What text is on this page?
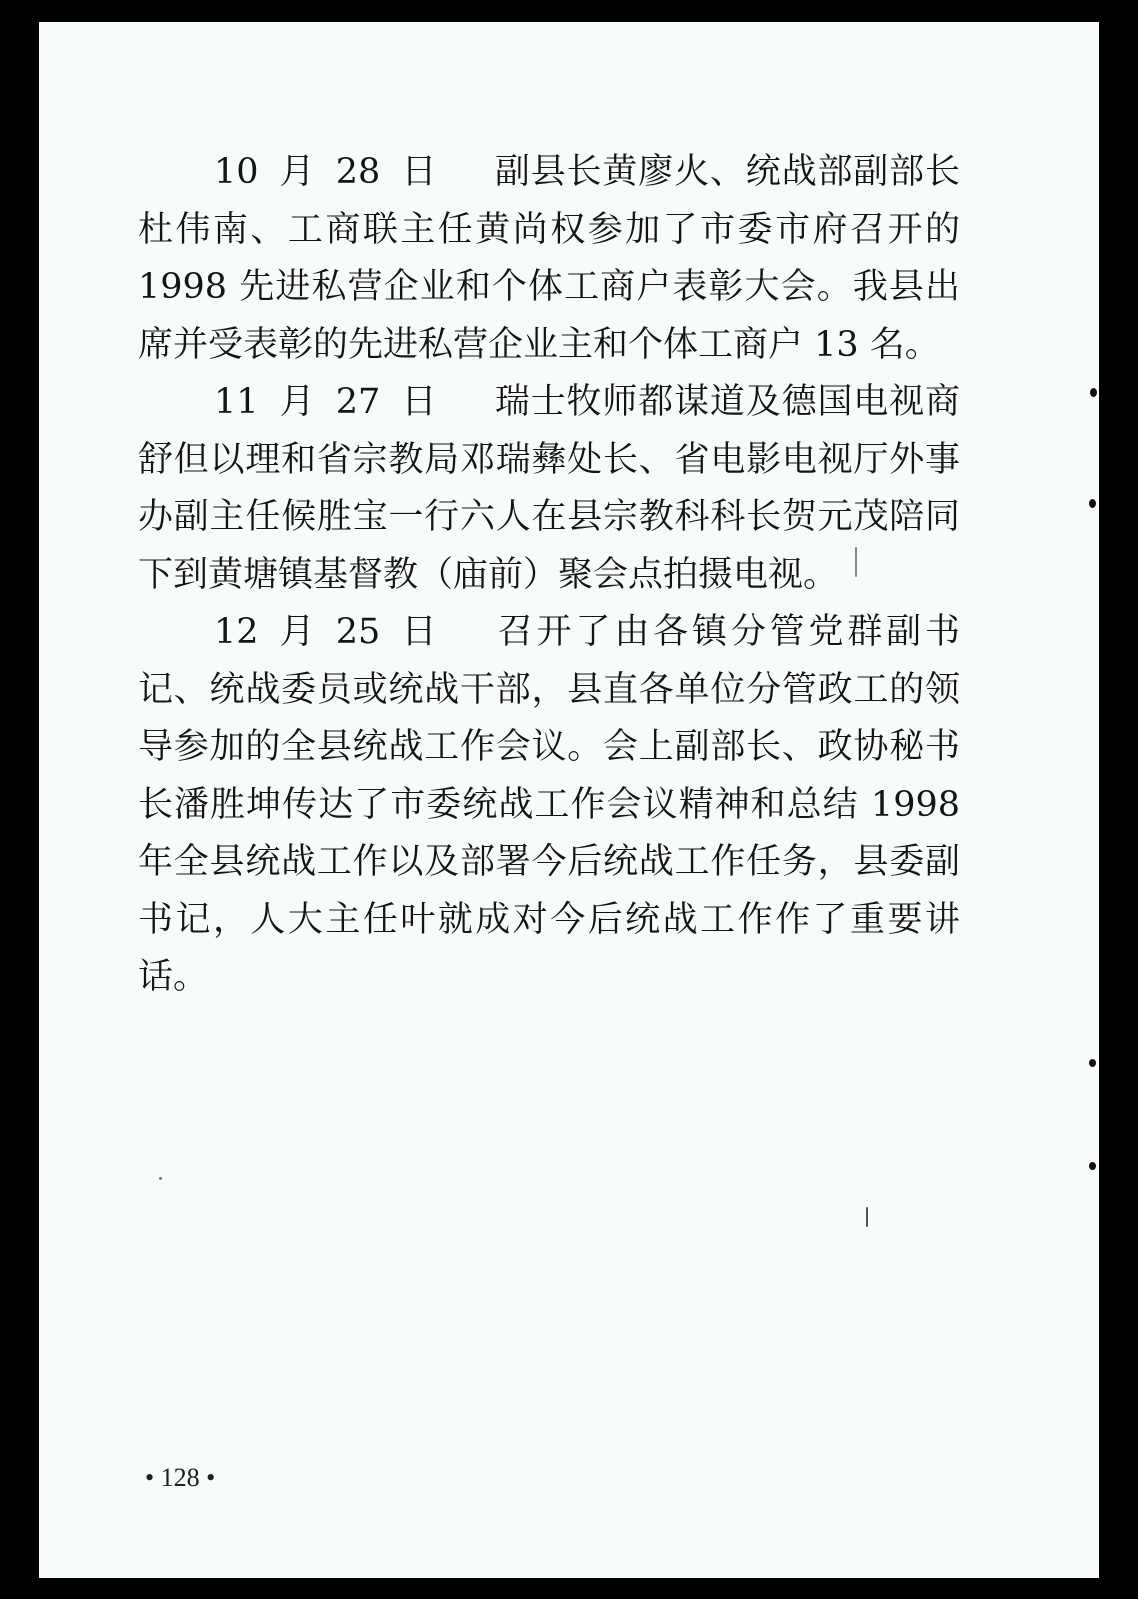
10 月 28 日 副县长黄廖火、统战部副部长杜伟南、工商联主任黄尚权参加了市委市府召开的 1998 先进私营企业和个体工商户表彰大会。我县出席并受表彰的先进私营企业主和个体工商户 13 名。

11 月 27 日 瑞士牧师都谋道及德国电视商舒但以理和省宗教局邓瑞彝处长、省电影电视厅外事办副主任候胜宝一行六人在县宗教科科长贺元茂陪同下到黄塘镇基督教（庙前）聚会点拍摄电视。

12 月 25 日 召开了由各镇分管党群副书记、统战委员或统战干部，县直各单位分管政工的领导参加的全县统战工作会议。会上副部长、政协秘书长潘胜坤传达了市委统战工作会议精神和总结 1998 年全县统战工作以及部署今后统战工作任务，县委副书记，人大主任叶就成对今后统战工作作了重要讲话。

• 128 •
